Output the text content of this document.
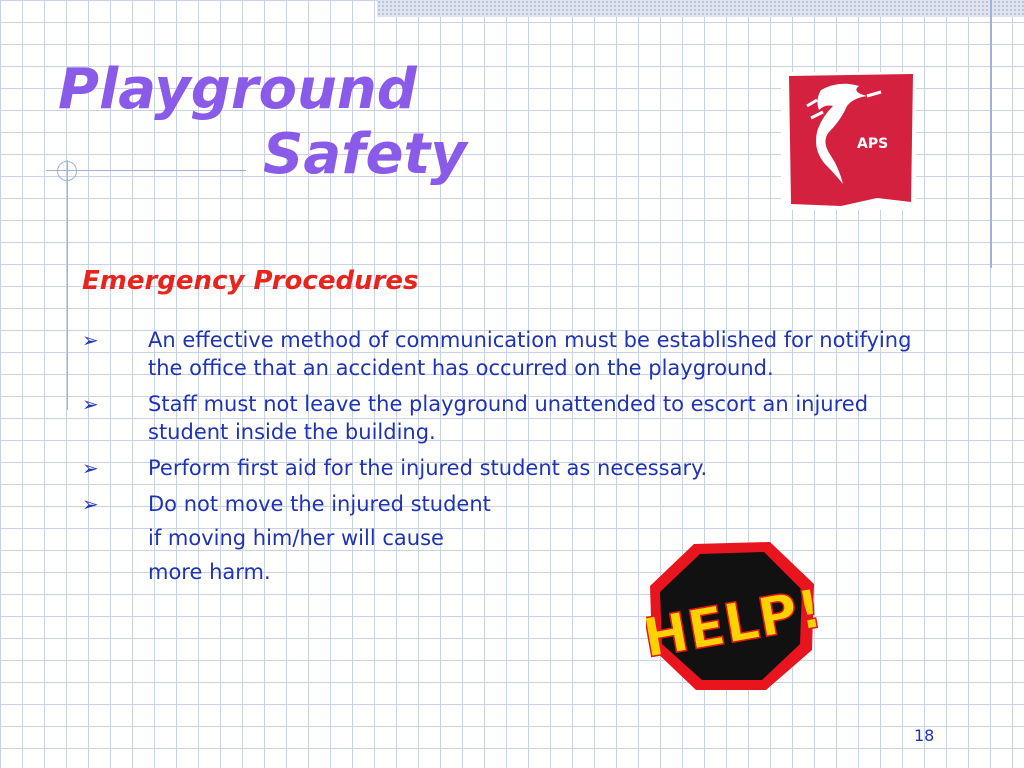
Playground
Safety	APS
Emergency Procedures
➢ An effective method of communication must be established for notifying the office that an accident has occurred on the playground.
➢ Staff must not leave the playground unattended to escort an injured student inside the building.
➢ Perform first aid for the injured student as necessary.
➢ Do not move the injured student
if moving him/her will cause
more harm.
HELP!
18
